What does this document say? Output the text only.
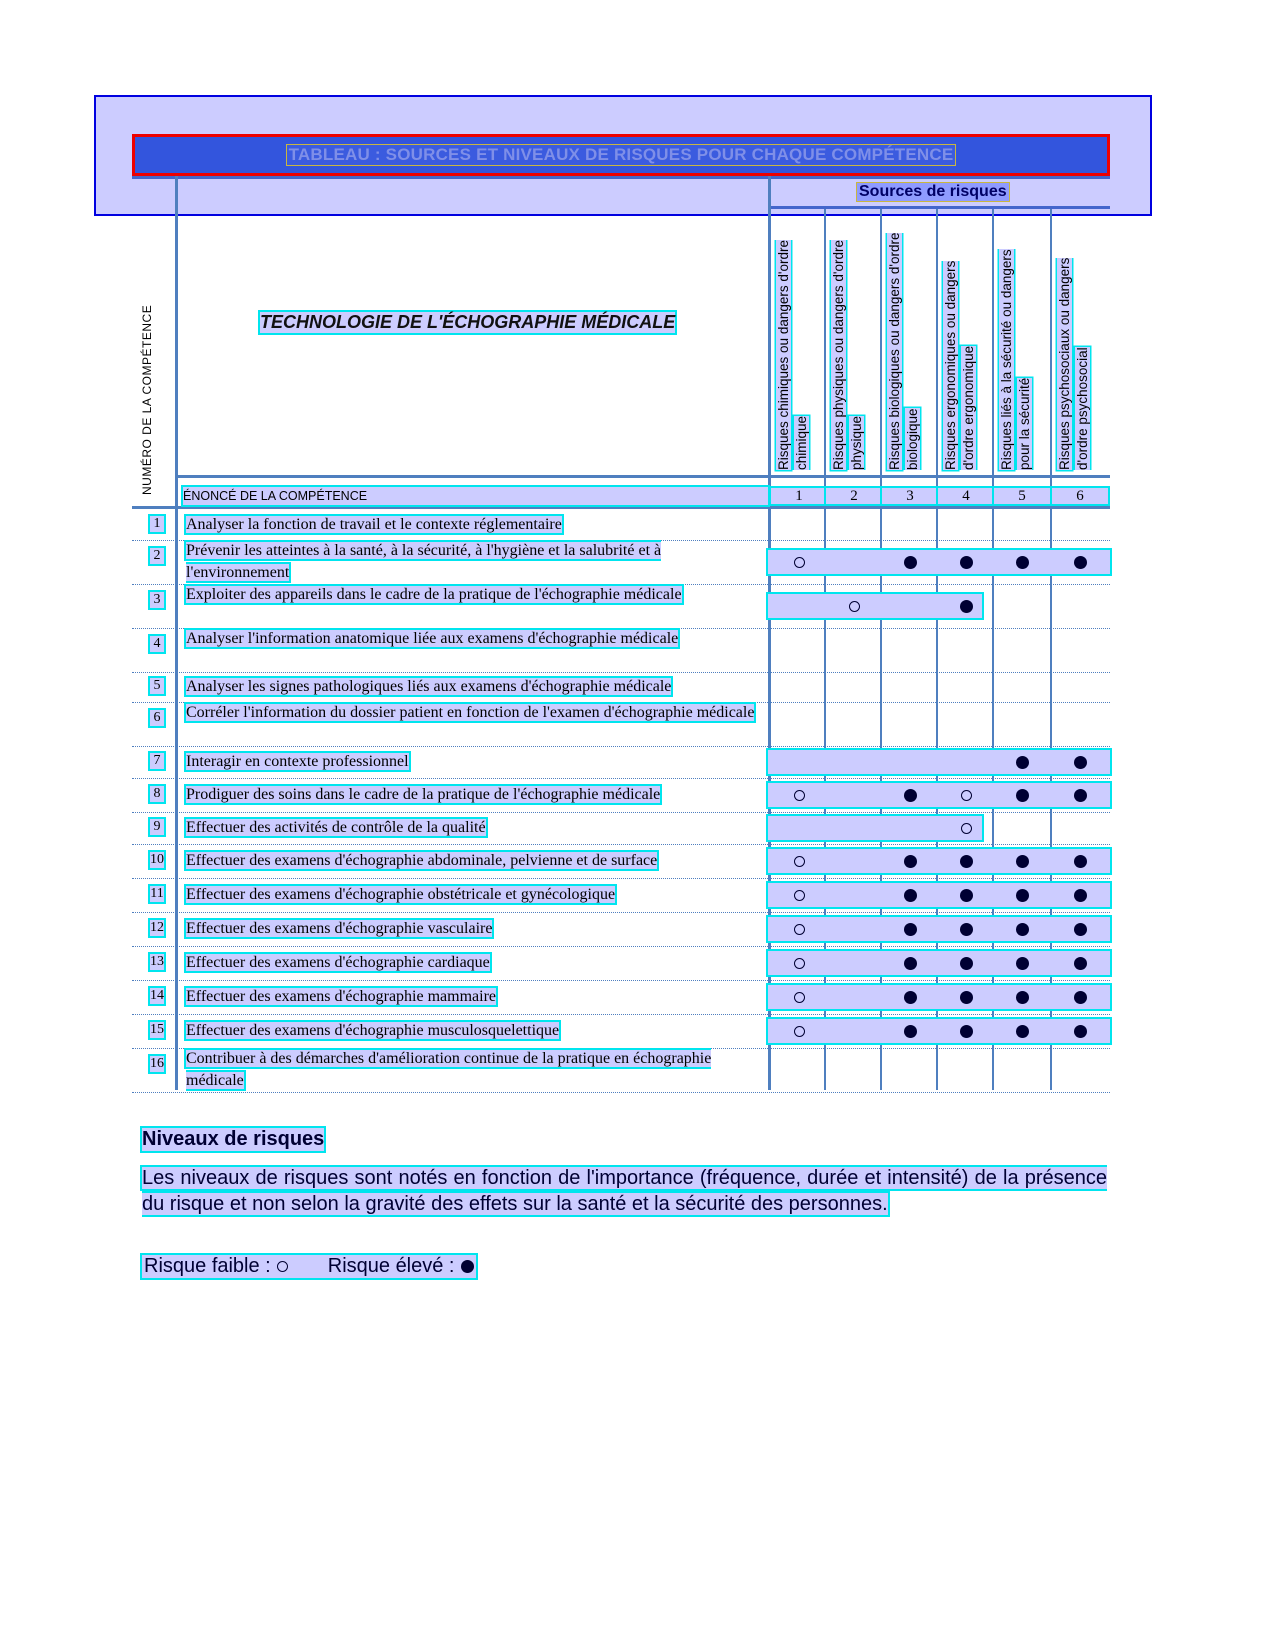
TABLEAU : SOURCES ET NIVEAUX DE RISQUES POUR CHAQUE COMPÉTENCE
Sources de risques
NUMÉRO DE LA COMPÉTENCE	TECHNOLOGIE DE L'ÉCHOGRAPHIE MÉDICALE
ÉNONCÉ DE LA COMPÉTENCE
Risques chimiques ou dangers d'ordre chimique
1
Risques physiques ou dangers d'ordre physique
2
Risques biologiques ou dangers d'ordre biologique
3
Risques ergonomiques ou dangers d'ordre ergonomique
4
Risques liés à la sécurité ou dangers pour la sécurité
5
Risques psychosociaux ou dangers d'ordre psychosocial
6
1 Analyser la fonction de travail et le contexte réglementaire
2 Prévenir les atteintes à la santé, à la sécurité, à l'hygiène et la salubrité et à l'environnement
3 Exploiter des appareils dans le cadre de la pratique de l'échographie médicale
4 Analyser l'information anatomique liée aux examens d'échographie médicale
5 Analyser les signes pathologiques liés aux examens d'échographie médicale
6 Corréler l'information du dossier patient en fonction de l'examen d'échographie médicale
7 Interagir en contexte professionnel
8 Prodiguer des soins dans le cadre de la pratique de l'échographie médicale
9 Effectuer des activités de contrôle de la qualité
10 Effectuer des examens d'échographie abdominale, pelvienne et de surface
11 Effectuer des examens d'échographie obstétricale et gynécologique
12 Effectuer des examens d'échographie vasculaire
13 Effectuer des examens d'échographie cardiaque
14 Effectuer des examens d'échographie mammaire
15 Effectuer des examens d'échographie musculosquelettique
16 Contribuer à des démarches d'amélioration continue de la pratique en échographie médicale
Niveaux de risques
Les niveaux de risques sont notés en fonction de l'importance (fréquence, durée et intensité) de la présence du risque et non selon la gravité des effets sur la santé et la sécurité des personnes.
Risque faible :	Risque élevé :
